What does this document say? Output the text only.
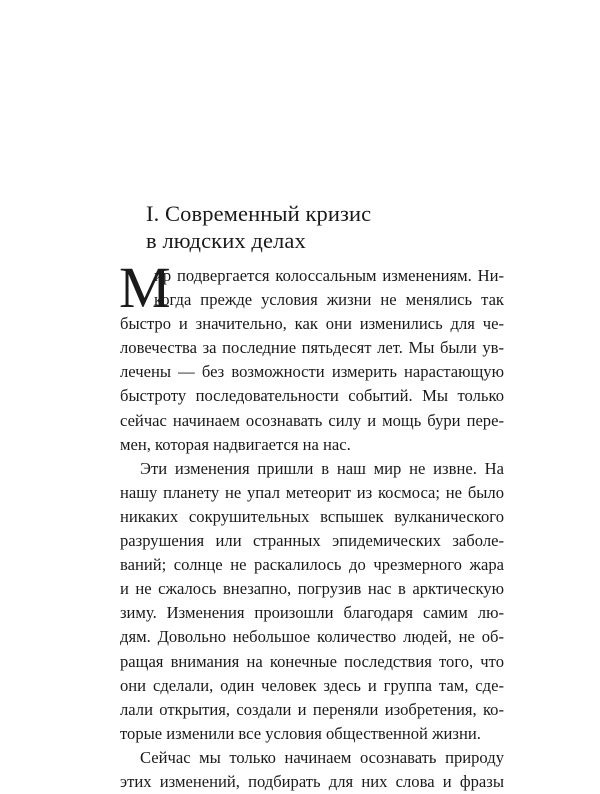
I. Современный кризис
в людских делах
М
ир подвергается колоссальным изменениям. Ни-
когда прежде условия жизни не менялись так
быстро и значительно, как они изменились для че-
ловечества за последние пятьдесят лет. Мы были ув-
лечены — без возможности измерить нарастающую
быстроту последовательности событий. Мы только
сейчас начинаем осознавать силу и мощь бури пере-
мен, которая надвигается на нас.
Эти изменения пришли в наш мир не извне. На
нашу планету не упал метеорит из космоса; не было
никаких сокрушительных вспышек вулканического
разрушения или странных эпидемических заболе-
ваний; солнце не раскалилось до чрезмерного жара
и не сжалось внезапно, погрузив нас в арктическую
зиму. Изменения произошли благодаря самим лю-
дям. Довольно небольшое количество людей, не об-
ращая внимания на конечные последствия того, что
они сделали, один человек здесь и группа там, сде-
лали открытия, создали и переняли изобретения, ко-
торые изменили все условия общественной жизни.
Сейчас мы только начинаем осознавать природу
этих изменений, подбирать для них слова и фразы
